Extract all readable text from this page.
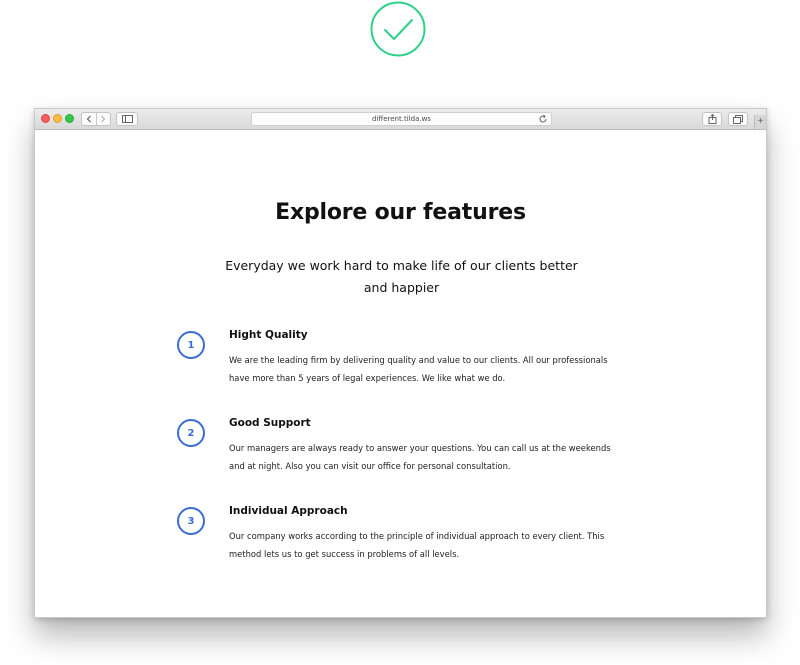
different.tilda.ws	+
Explore our features

Everyday we work hard to make life of our clients better and happier

1
Hight Quality

We are the leading firm by delivering quality and value to our clients. All our professionals have more than 5 years of legal experiences. We like what we do.

2
Good Support

Our managers are always ready to answer your questions. You can call us at the weekends and at night. Also you can visit our office for personal consultation.

3
Individual Approach

Our company works according to the principle of individual approach to every client. This method lets us to get success in problems of all levels.
